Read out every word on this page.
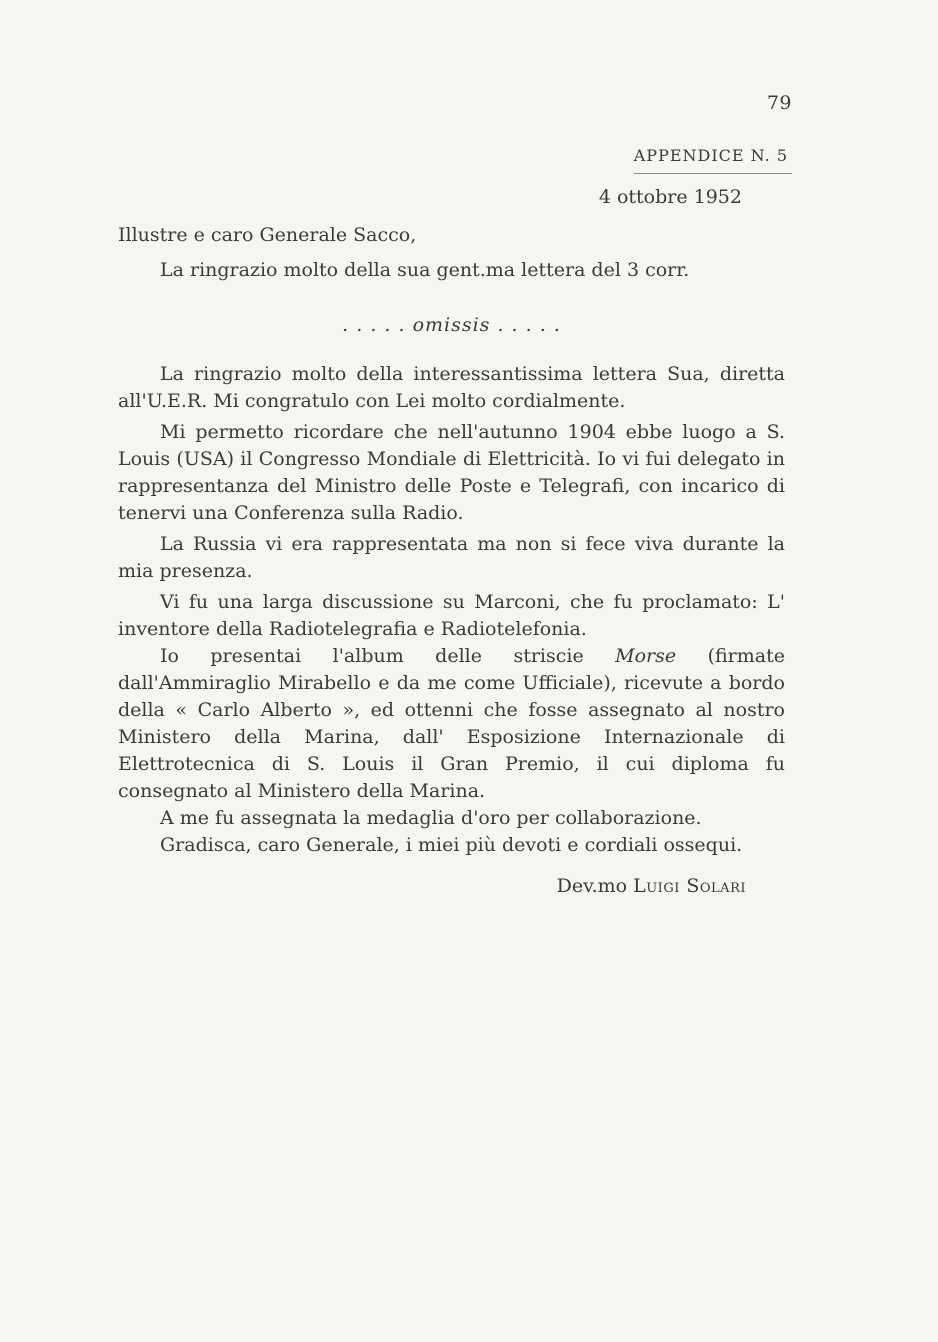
79
APPENDICE N. 5
4 ottobre 1952
Illustre e caro Generale Sacco,

La ringrazio molto della sua gent.ma lettera del 3 corr.

. . . . . omissis . . . . .

La ringrazio molto della interessantissima lettera Sua, diretta all'U.E.R. Mi congratulo con Lei molto cordialmente.

Mi permetto ricordare che nell'autunno 1904 ebbe luogo a S. Louis (USA) il Congresso Mondiale di Elettricità. Io vi fui delegato in rappresentanza del Ministro delle Poste e Telegrafi, con incarico di tenervi una Conferenza sulla Radio.

La Russia vi era rappresentata ma non si fece viva durante la mia presenza.

Vi fu una larga discussione su Marconi, che fu proclamato: L' inventore della Radiotelegrafia e Radiotelefonia.

Io presentai l'album delle striscie Morse (firmate dall'Ammiraglio Mirabello e da me come Ufficiale), ricevute a bordo della « Carlo Alberto », ed ottenni che fosse assegnato al nostro Ministero della Marina, dall' Esposizione Internazionale di Elettrotecnica di S. Louis il Gran Premio, il cui diploma fu consegnato al Ministero della Marina.

A me fu assegnata la medaglia d'oro per collaborazione.

Gradisca, caro Generale, i miei più devoti e cordiali ossequi.

Dev.mo Luigi Solari
